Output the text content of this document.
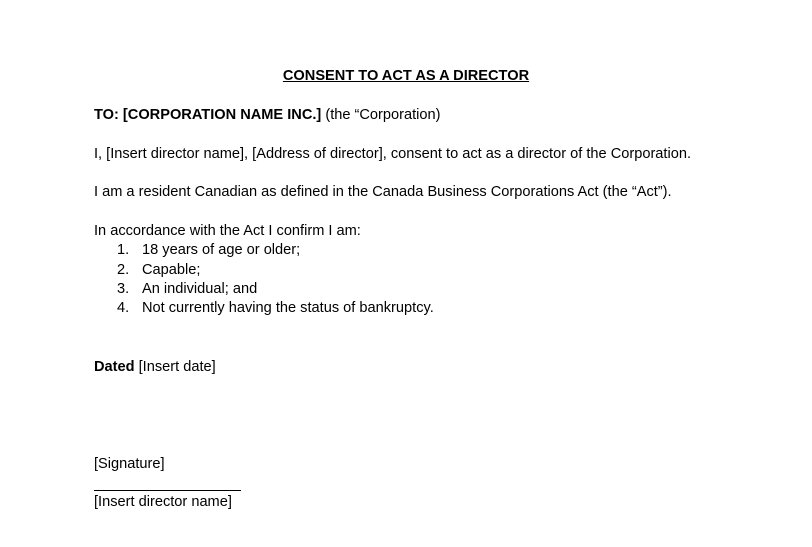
CONSENT TO ACT AS A DIRECTOR
TO: [CORPORATION NAME INC.] (the “Corporation)
I, [Insert director name], [Address of director], consent to act as a director of the Corporation.
I am a resident Canadian as defined in the Canada Business Corporations Act (the “Act”).
In accordance with the Act I confirm I am:
1. 18 years of age or older;
2. Capable;
3. An individual; and
4. Not currently having the status of bankruptcy.
Dated [Insert date]
[Signature]
[Insert director name]
